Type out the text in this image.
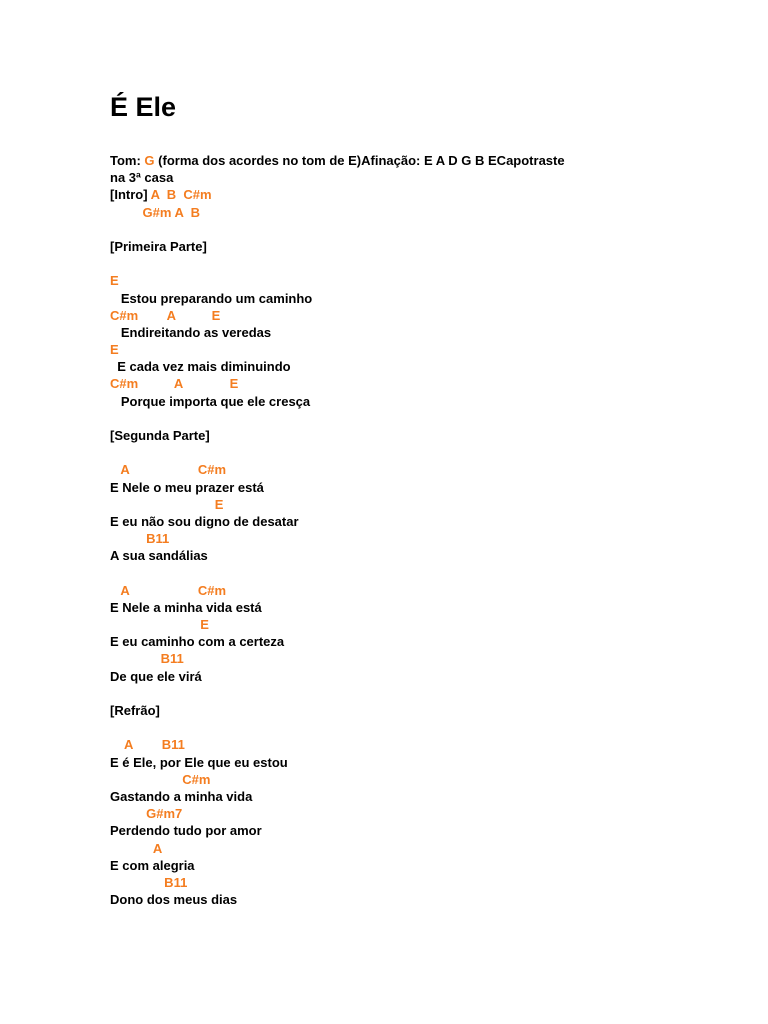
É Ele
Tom: G (forma dos acordes no tom de E)Afinação: E A D G B ECapotraste
na 3ª casa
[Intro] A  B  C#m
G#m A  B
[Primeira Parte]
E
Estou preparando um caminho
C#m        A          E
Endireitando as veredas
E
E cada vez mais diminuindo
C#m          A             E
Porque importa que ele cresça
[Segunda Parte]
A                   C#m
E Nele o meu prazer está
E
E eu não sou digno de desatar
B11
A sua sandálias
A                   C#m
E Nele a minha vida está
E
E eu caminho com a certeza
B11
De que ele virá
[Refrão]
A        B11
E é Ele, por Ele que eu estou
C#m
Gastando a minha vida
G#m7
Perdendo tudo por amor
A
E com alegria
B11
Dono dos meus dias
